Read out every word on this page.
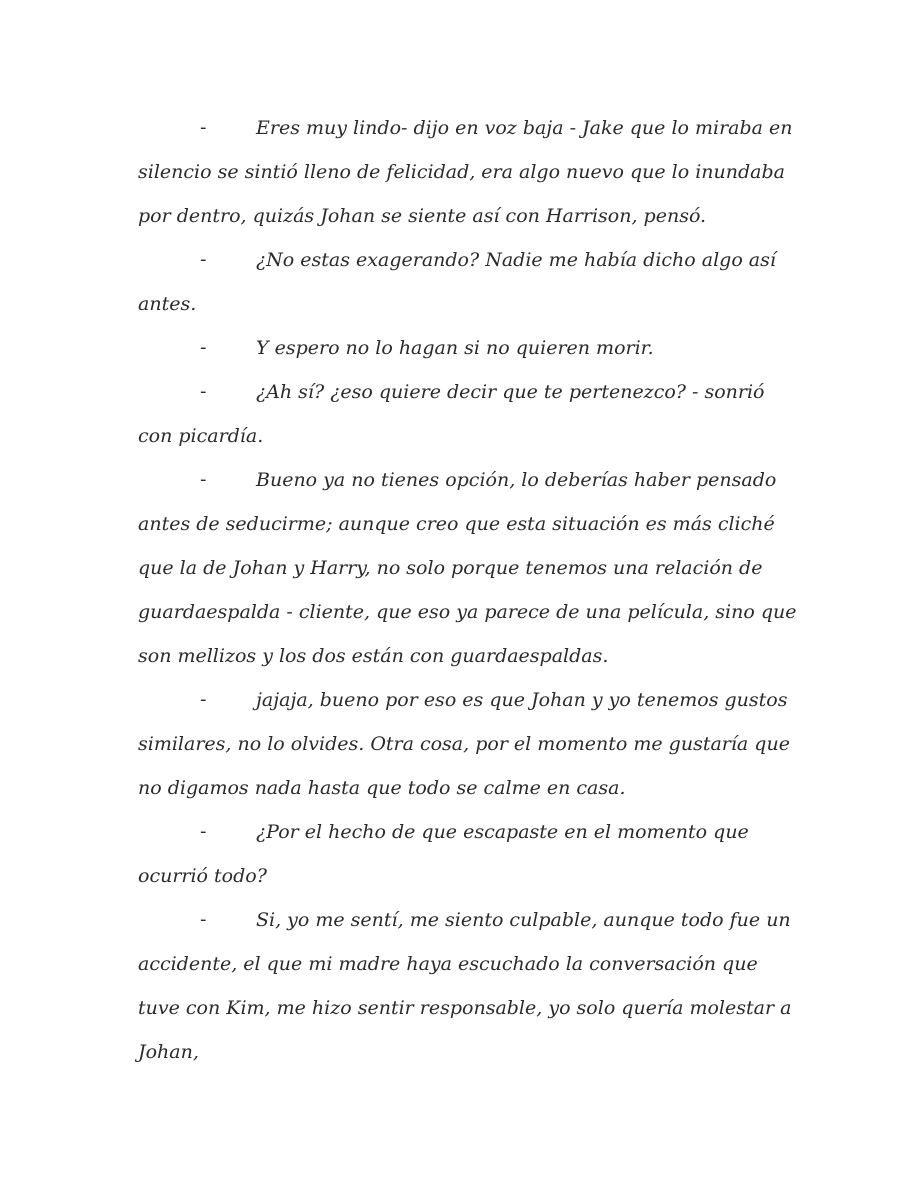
-	Eres muy lindo- dijo en voz baja - Jake que lo miraba en silencio se sintió lleno de felicidad, era algo nuevo que lo inundaba por dentro, quizás Johan se siente así con Harrison, pensó.

-	¿No estas exagerando? Nadie me había dicho algo así antes.

-	Y espero no lo hagan si no quieren morir.

-	¿Ah sí? ¿eso quiere decir que te pertenezco? - sonrió con picardía.

-	Bueno ya no tienes opción, lo deberías haber pensado antes de seducirme; aunque creo que esta situación es más cliché que la de Johan y Harry, no solo porque tenemos una relación de guardaespalda - cliente, que eso ya parece de una película, sino que son mellizos y los dos están con guardaespaldas.

-	jajaja, bueno por eso es que Johan y yo tenemos gustos similares, no lo olvides. Otra cosa, por el momento me gustaría que no digamos nada hasta que todo se calme en casa.

-	¿Por el hecho de que escapaste en el momento que ocurrió todo?

-	Si, yo me sentí, me siento culpable, aunque todo fue un accidente, el que mi madre haya escuchado la conversación que tuve con Kim, me hizo sentir responsable, yo solo quería molestar a Johan,
